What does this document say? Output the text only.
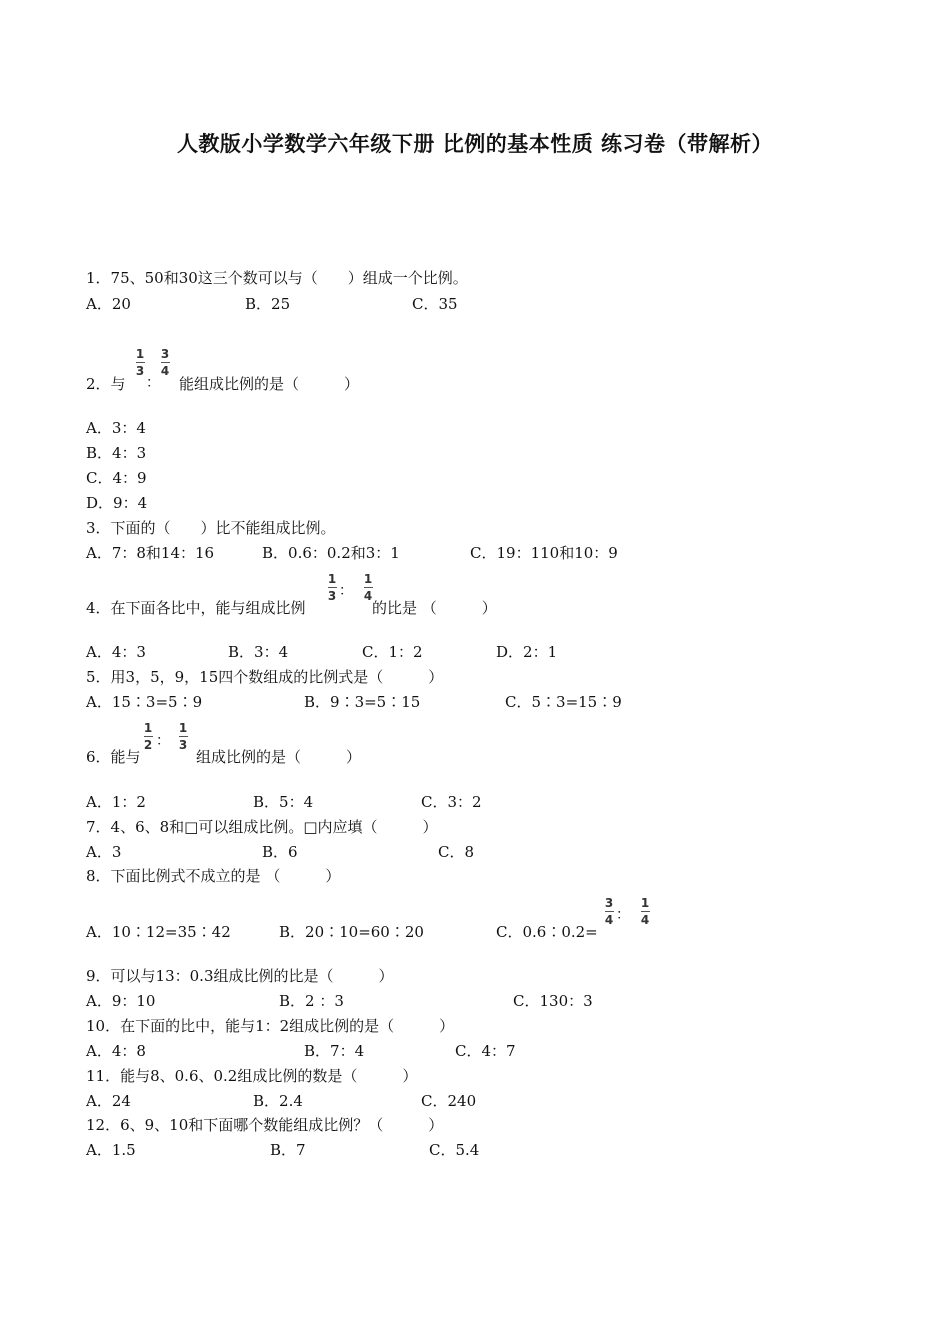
人教版小学数学六年级下册 比例的基本性质 练习卷（带解析）
1．75、50和30这三个数可以与（　　）组成一个比例。
A．20	B．25	C．35
2．与
1
3
：
3
4
能组成比例的是（　　　）
A．3：4
B．4：3
C．4：9
D．9：4
3．下面的（　　）比不能组成比例。
A．7：8和14：16	B．0.6：0.2和3：1	C．19：110和10：9
4．在下面各比中，能与组成比例
1
3 ：
1
4
的比是 （　　　）
A．4：3	B．3：4	C．1：2	D．2：1
5．用3，5，9，15四个数组成的比例式是（　　　）
A．15∶3=5∶9	B．9∶3=5∶15	C．5∶3=15∶9
6．能与
1
2 ：
1
3
组成比例的是（　　　）
A．1：2	B．5：4	C．3：2
7．4、6、8和□可以组成比例。□内应填（　　　）
A．3	B．6	C．8
8．下面比例式不成立的是 （　　　）
A．10∶12=35∶42	B．20∶10=60∶20	C．0.6∶0.2=
3
4 ：
1
4
9．可以与13：0.3组成比例的比是（　　　）
A．9：10	B．2 ：3	C．130：3
10．在下面的比中，能与1：2组成比例的是（　　　）
A．4：8	B．7：4	C．4：7
11．能与8、0.6、0.2组成比例的数是（　　　）
A．24	B．2.4	C．240
12．6、9、10和下面哪个数能组成比例？（　　　）
A．1.5	B．7	C．5.4
